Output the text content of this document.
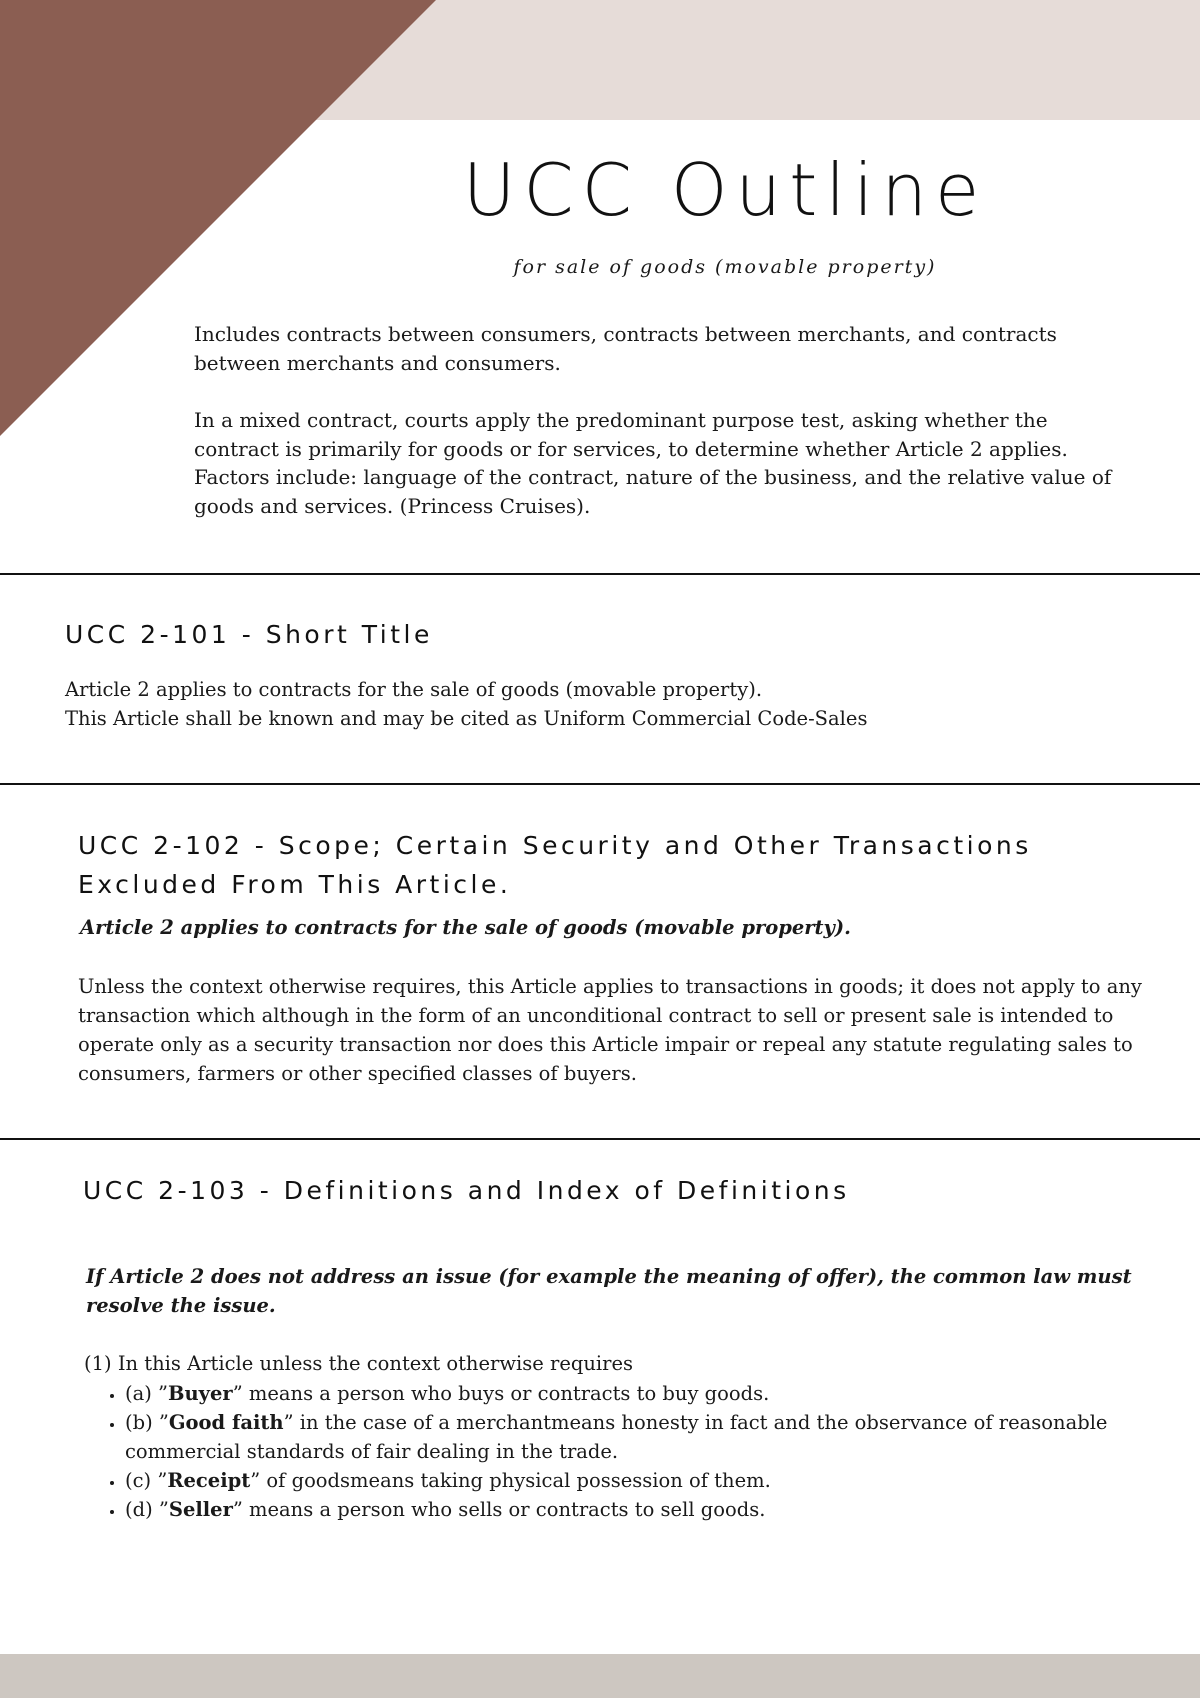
UCC Outline

for sale of goods (movable property)

Includes contracts between consumers, contracts between merchants, and contracts between merchants and consumers.

In a mixed contract, courts apply the predominant purpose test, asking whether the contract is primarily for goods or for services, to determine whether Article 2 applies. Factors include: language of the contract, nature of the business, and the relative value of goods and services. (Princess Cruises).

UCC 2-101 - Short Title
Article 2 applies to contracts for the sale of goods (movable property).
This Article shall be known and may be cited as Uniform Commercial Code-Sales
UCC 2-102 - Scope; Certain Security and Other Transactions
Excluded From This Article.

Article 2 applies to contracts for the sale of goods (movable property).

Unless the context otherwise requires, this Article applies to transactions in goods; it does not apply to any transaction which although in the form of an unconditional contract to sell or present sale is intended to operate only as a security transaction nor does this Article impair or repeal any statute regulating sales to consumers, farmers or other specified classes of buyers.

UCC 2-103 - Definitions and Index of Definitions

If Article 2 does not address an issue (for example the meaning of offer), the common law must resolve the issue.

(1) In this Article unless the context otherwise requires

• (a) ”Buyer” means a person who buys or contracts to buy goods.
• (b) ”Good faith” in the case of a merchantmeans honesty in fact and the observance of reasonable commercial standards of fair dealing in the trade.
• (c) ”Receipt” of goodsmeans taking physical possession of them.
• (d) ”Seller” means a person who sells or contracts to sell goods.
